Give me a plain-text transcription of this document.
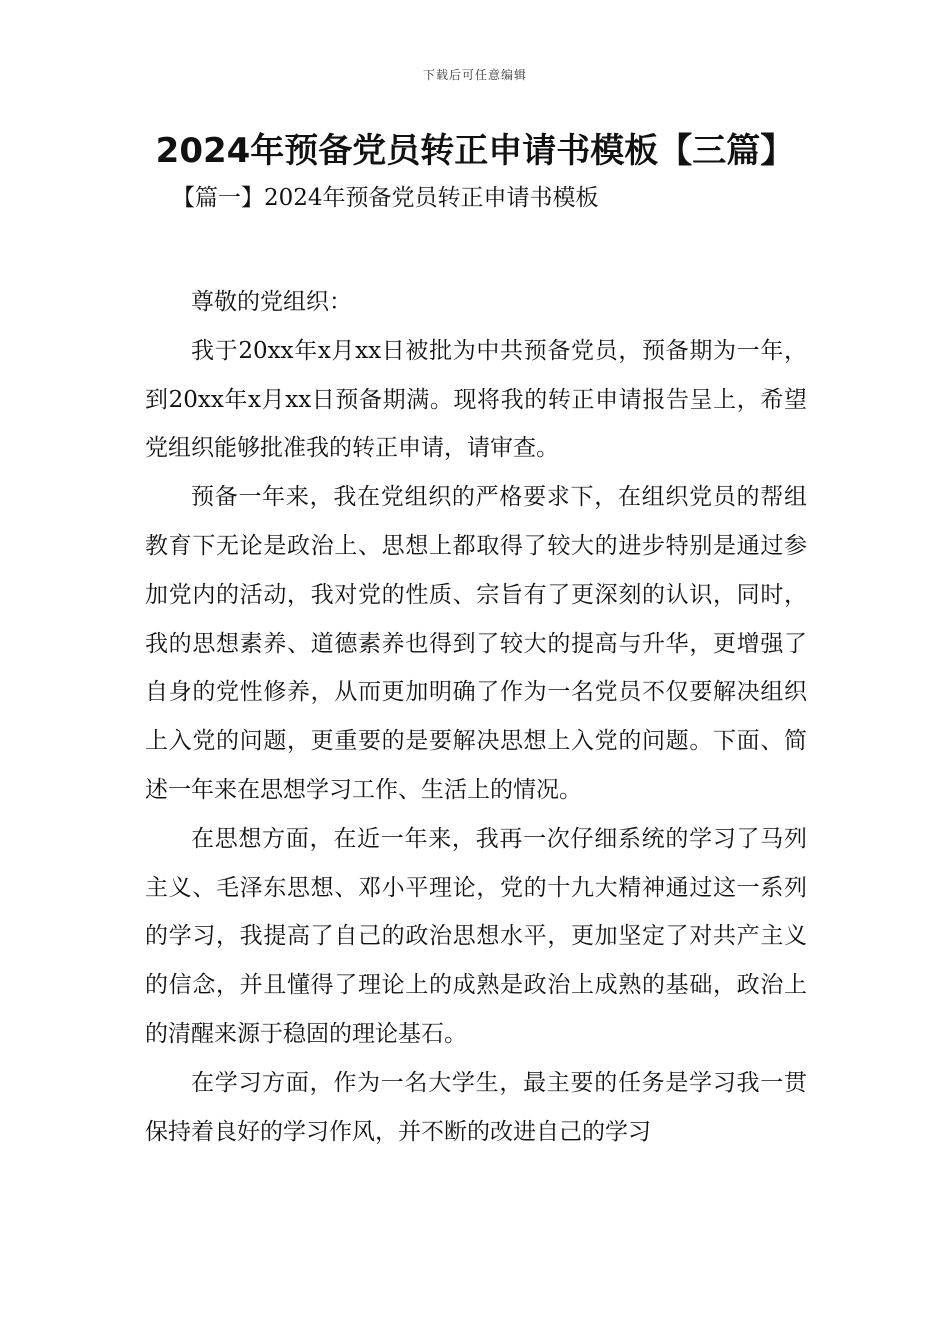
下载后可任意编辑
2024年预备党员转正申请书模板【三篇】
【篇一】2024年预备党员转正申请书模板

尊敬的党组织：

我于20xx年x月xx日被批为中共预备党员，预备期为一年，到20xx年x月xx日预备期满。现将我的转正申请报告呈上，希望党组织能够批准我的转正申请，请审查。

预备一年来，我在党组织的严格要求下，在组织党员的帮组教育下无论是政治上、思想上都取得了较大的进步特别是通过参加党内的活动，我对党的性质、宗旨有了更深刻的认识，同时，我的思想素养、道德素养也得到了较大的提高与升华，更增强了自身的党性修养，从而更加明确了作为一名党员不仅要解决组织上入党的问题，更重要的是要解决思想上入党的问题。下面、简述一年来在思想学习工作、生活上的情况。

在思想方面，在近一年来，我再一次仔细系统的学习了马列主义、毛泽东思想、邓小平理论，党的十九大精神通过这一系列的学习，我提高了自己的政治思想水平，更加坚定了对共产主义的信念，并且懂得了理论上的成熟是政治上成熟的基础，政治上的清醒来源于稳固的理论基石。

在学习方面，作为一名大学生，最主要的任务是学习我一贯保持着良好的学习作风，并不断的改进自己的学习
